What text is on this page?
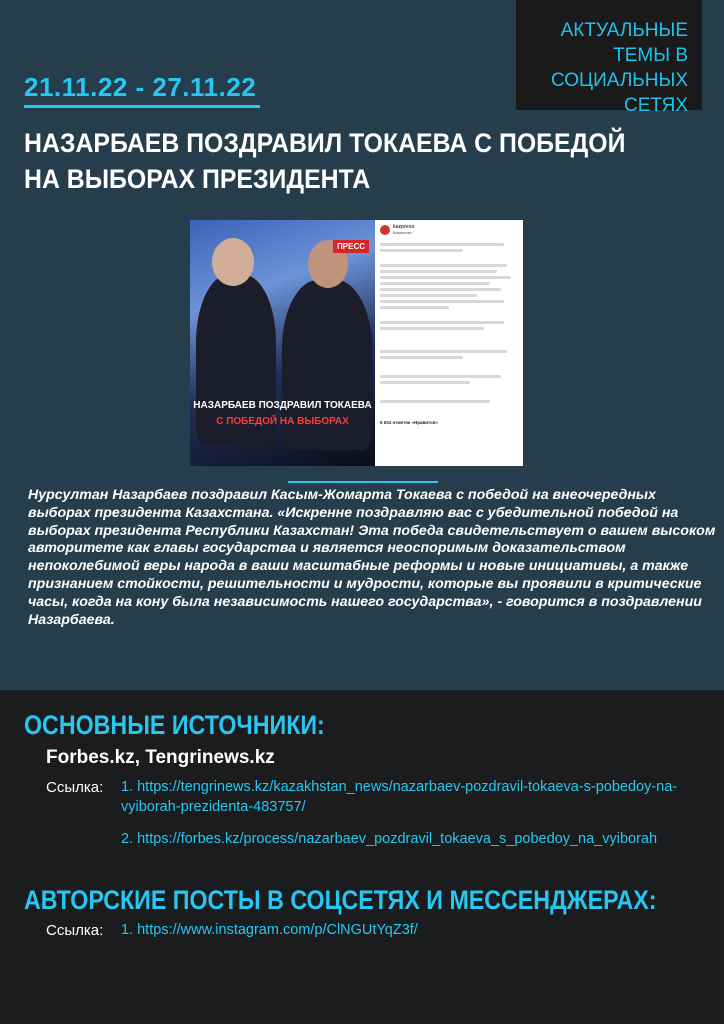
АКТУАЛЬНЫЕ ТЕМЫ В СОЦИАЛЬНЫХ СЕТЯХ
21.11.22 - 27.11.22
НАЗАРБАЕВ ПОЗДРАВИЛ ТОКАЕВА С ПОБЕДОЙ НА ВЫБОРАХ ПРЕЗИДЕНТА
ПРЕСС
НАЗАРБАЕВ ПОЗДРАВИЛ ТОКАЕВА
С ПОБЕДОЙ НА ВЫБОРАХ
kazpress
Казахстан
5 024 отметок «Нравится»
Нурсултан Назарбаев поздравил Касым-Жомарта Токаева с победой на внеочередных выборах президента Казахстана. «Искренне поздравляю вас с убедительной победой на выборах президента Республики Казахстан! Эта победа свидетельствует о вашем высоком авторитете как главы государства и является неоспоримым доказательством непоколебимой веры народа в ваши масштабные реформы и новые инициативы, а также признанием стойкости, решительности и мудрости, которые вы проявили в критические часы, когда на кону была независимость нашего государства», - говорится в поздравлении Назарбаева.
ОСНОВНЫЕ ИСТОЧНИКИ:
Forbes.kz, Tengrinews.kz
Ссылка: 1. https://tengrinews.kz/kazakhstan_news/nazarbaev-pozdravil-tokaeva-s-pobedoy-na-vyiborah-prezidenta-483757/
2. https://forbes.kz/process/nazarbaev_pozdravil_tokaeva_s_pobedoy_na_vyiborah
АВТОРСКИЕ ПОСТЫ В СОЦСЕТЯХ И МЕССЕНДЖЕРАХ:
Ссылка: 1. https://www.instagram.com/p/ClNGUtYqZ3f/
